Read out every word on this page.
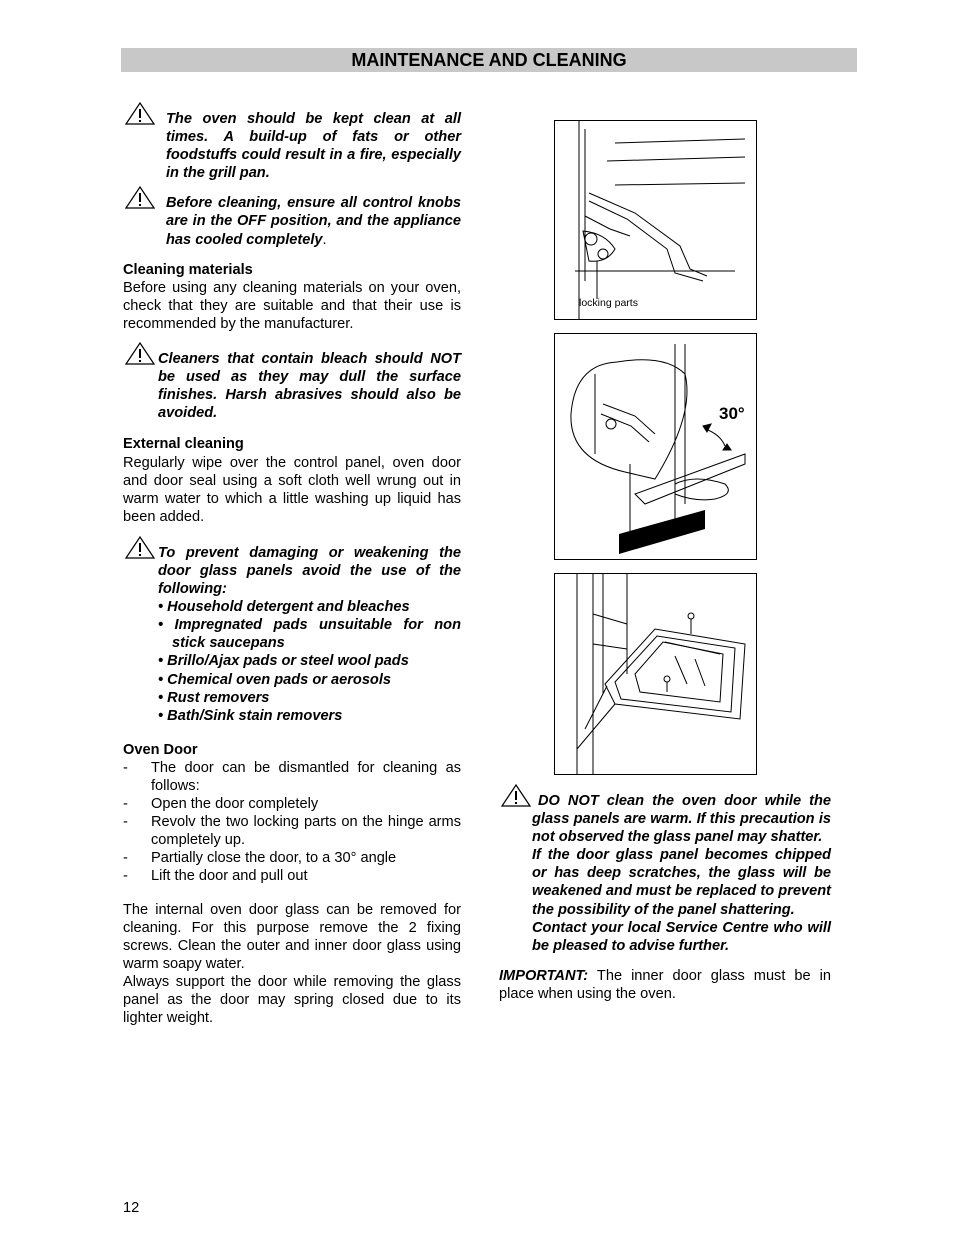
MAINTENANCE AND CLEANING

The oven should be kept clean at all times. A build-up of fats or other foodstuffs could result in a fire, especially in the grill pan.

Before cleaning, ensure all control knobs are in the OFF position, and the appliance has cooled completely.

Cleaning materials

Before using any cleaning materials on your oven, check that they are suitable and that their use is recommended by the manufacturer.

Cleaners that contain bleach should NOT be used as they may dull the surface finishes. Harsh abrasives should also be avoided.

External cleaning

Regularly wipe over the control panel, oven door and door seal using a soft cloth well wrung out in warm water to which a little washing up liquid has been added.

To prevent damaging or weakening the door glass panels avoid the use of the following:

• Household detergent and bleaches

• Impregnated pads unsuitable for non stick saucepans

• Brillo/Ajax pads or steel wool pads

• Chemical oven pads or aerosols

• Rust removers

• Bath/Sink stain removers

Oven Door

- The door can be dismantled for cleaning as follows:

- Open the door completely

- Revolv the two locking parts on the hinge arms completely up.

- Partially close the door, to a 30° angle

- Lift the door and pull out

The internal oven door glass can be removed for cleaning. For this purpose remove the 2 fixing screws. Clean the outer and inner door glass using warm soapy water.

Always support the door while removing the glass panel as the door may spring closed due to its lighter weight.

locking parts
30°

DO NOT clean the oven door while the glass panels are warm. If this precaution is not observed the glass panel may shatter.

If the door glass panel becomes chipped or has deep scratches, the glass will be weakened and must be replaced to prevent the possibility of the panel shattering.

Contact your local Service Centre who will be pleased to advise further.

IMPORTANT: The inner door glass must be in place when using the oven.

12
